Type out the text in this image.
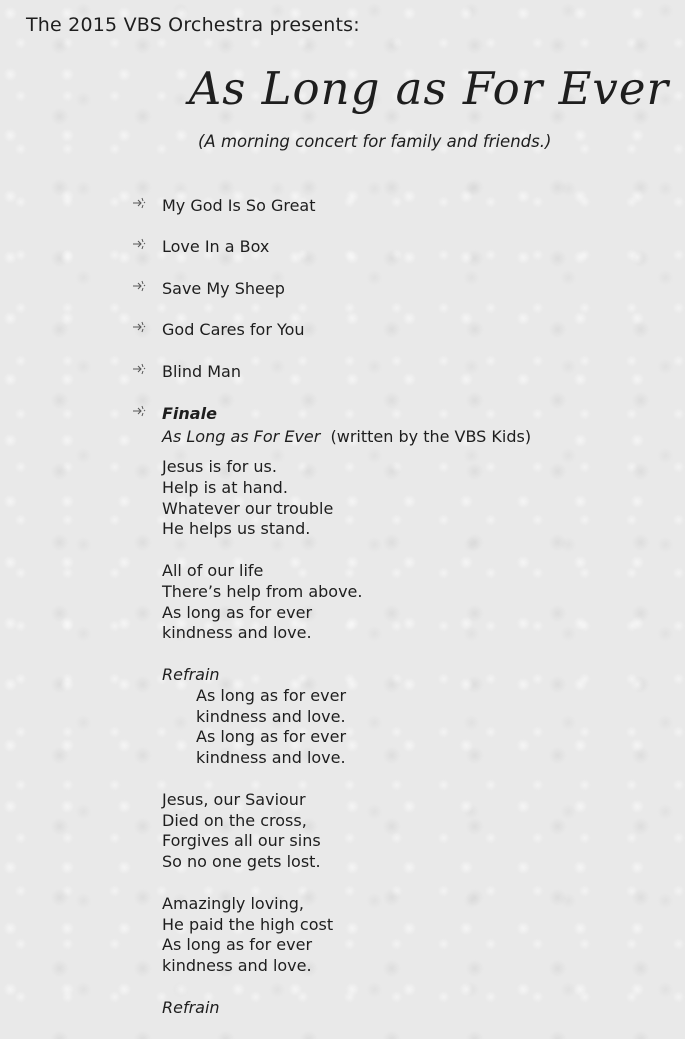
The 2015 VBS Orchestra presents:
As Long as For Ever

(A morning concert for family and friends.)

My God Is So Great
Love In a Box
Save My Sheep
God Cares for You
Blind Man
Finale
As Long as For Ever (written by the VBS Kids)
Jesus is for us.
Help is at hand.
Whatever our trouble
He helps us stand.
All of our life
There’s help from above.
As long as for ever
kindness and love.
Refrain
As long as for ever
kindness and love.
As long as for ever
kindness and love.
Jesus, our Saviour
Died on the cross,
Forgives all our sins
So no one gets lost.
Amazingly loving,
He paid the high cost
As long as for ever
kindness and love.
Refrain
